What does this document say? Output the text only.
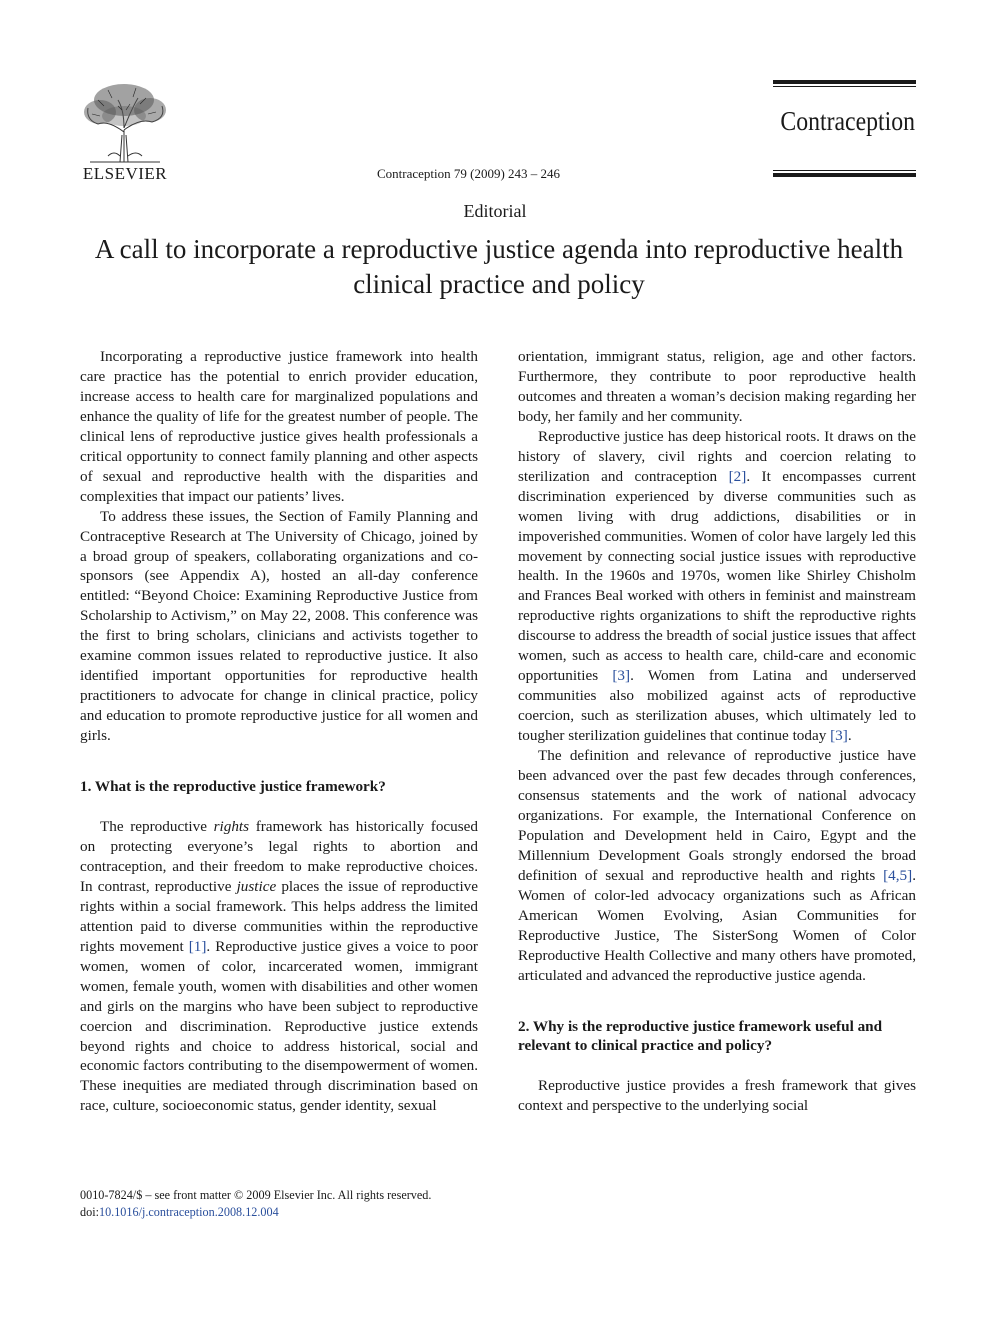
ELSEVIER	Contraception 79 (2009) 243 – 246
Contraception
Editorial
A call to incorporate a reproductive justice agenda into reproductive health clinical practice and policy

Incorporating a reproductive justice framework into health care practice has the potential to enrich provider education, increase access to health care for marginalized populations and enhance the quality of life for the greatest number of people. The clinical lens of reproductive justice gives health professionals a critical opportunity to connect family planning and other aspects of sexual and reproductive health with the disparities and complexities that impact our patients’ lives.

To address these issues, the Section of Family Planning and Contraceptive Research at The University of Chicago, joined by a broad group of speakers, collaborating organizations and co-sponsors (see Appendix A), hosted an all-day conference entitled: “Beyond Choice: Examining Reproductive Justice from Scholarship to Activism,” on May 22, 2008. This conference was the first to bring scholars, clinicians and activists together to examine common issues related to reproductive justice. It also identified important opportunities for reproductive health practitioners to advocate for change in clinical practice, policy and education to promote reproductive justice for all women and girls.

1. What is the reproductive justice framework?

The reproductive rights framework has historically focused on protecting everyone’s legal rights to abortion and contraception, and their freedom to make reproductive choices. In contrast, reproductive justice places the issue of reproductive rights within a social framework. This helps address the limited attention paid to diverse communities within the reproductive rights movement [1]. Reproductive justice gives a voice to poor women, women of color, incarcerated women, immigrant women, female youth, women with disabilities and other women and girls on the margins who have been subject to reproductive coercion and discrimination. Reproductive justice extends beyond rights and choice to address historical, social and economic factors contributing to the disempowerment of women. These inequities are mediated through discrimination based on race, culture, socioeconomic status, gender identity, sexual

orientation, immigrant status, religion, age and other factors. Furthermore, they contribute to poor reproductive health outcomes and threaten a woman’s decision making regarding her body, her family and her community.

Reproductive justice has deep historical roots. It draws on the history of slavery, civil rights and coercion relating to sterilization and contraception [2]. It encompasses current discrimination experienced by diverse communities such as women living with drug addictions, disabilities or in impoverished communities. Women of color have largely led this movement by connecting social justice issues with reproductive health. In the 1960s and 1970s, women like Shirley Chisholm and Frances Beal worked with others in feminist and mainstream reproductive rights organizations to shift the reproductive rights discourse to address the breadth of social justice issues that affect women, such as access to health care, child-care and economic opportunities [3]. Women from Latina and underserved communities also mobilized against acts of reproductive coercion, such as sterilization abuses, which ultimately led to tougher sterilization guidelines that continue today [3].

The definition and relevance of reproductive justice have been advanced over the past few decades through conferences, consensus statements and the work of national advocacy organizations. For example, the International Conference on Population and Development held in Cairo, Egypt and the Millennium Development Goals strongly endorsed the broad definition of sexual and reproductive health and rights [4,5]. Women of color-led advocacy organizations such as African American Women Evolving, Asian Communities for Reproductive Justice, The SisterSong Women of Color Reproductive Health Collective and many others have promoted, articulated and advanced the reproductive justice agenda.

2. Why is the reproductive justice framework useful and relevant to clinical practice and policy?

Reproductive justice provides a fresh framework that gives context and perspective to the underlying social

0010-7824/$ – see front matter © 2009 Elsevier Inc. All rights reserved.
doi:10.1016/j.contraception.2008.12.004
